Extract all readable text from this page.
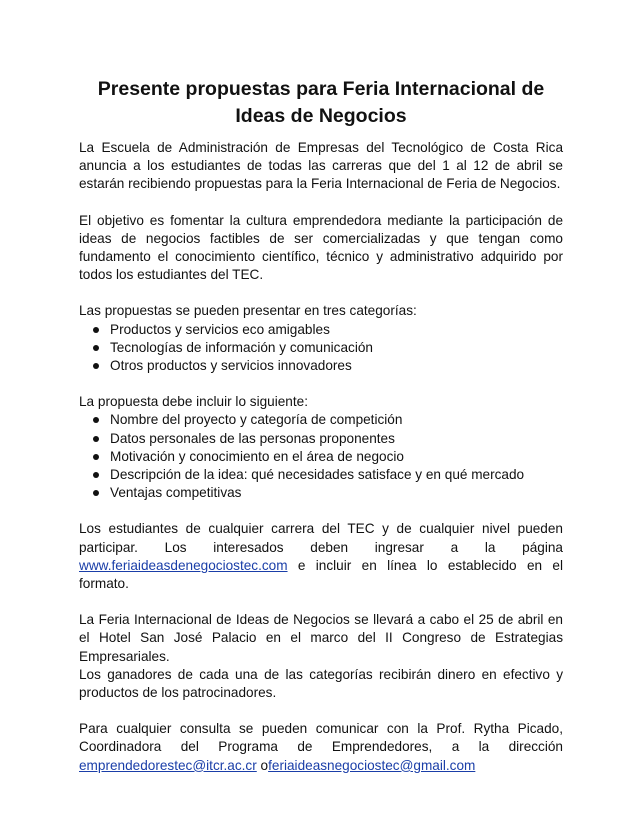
Presente propuestas para Feria Internacional de
Ideas de Negocios

La Escuela de Administración de Empresas del Tecnológico de Costa Rica anuncia a los estudiantes de todas las carreras que del 1 al 12 de abril se estarán recibiendo propuestas para la Feria Internacional de Feria de Negocios.

El objetivo es fomentar la cultura emprendedora mediante la participación de ideas de negocios factibles de ser comercializadas y que tengan como fundamento el conocimiento científico, técnico y administrativo adquirido por todos los estudiantes del TEC.

Las propuestas se pueden presentar en tres categorías:

Productos y servicios eco amigables
Tecnologías de información y comunicación
Otros productos y servicios innovadores

La propuesta debe incluir lo siguiente:

Nombre del proyecto y categoría de competición
Datos personales de las personas proponentes
Motivación y conocimiento en el área de negocio
Descripción de la idea: qué necesidades satisface y en qué mercado
Ventajas competitivas

Los estudiantes de cualquier carrera del TEC y de cualquier nivel pueden participar. Los interesados deben ingresar a la página www.feriaideasdenegociostec.com e incluir en línea lo establecido en el formato.

La Feria Internacional de Ideas de Negocios se llevará a cabo el 25 de abril en el Hotel San José Palacio en el marco del II Congreso de Estrategias Empresariales.

Los ganadores de cada una de las categorías recibirán dinero en efectivo y productos de los patrocinadores.

Para cualquier consulta se pueden comunicar con la Prof. Rytha Picado, Coordinadora del Programa de Emprendedores, a la dirección emprendedorestec@itcr.ac.cr oferiaideasnegociostec@gmail.com
